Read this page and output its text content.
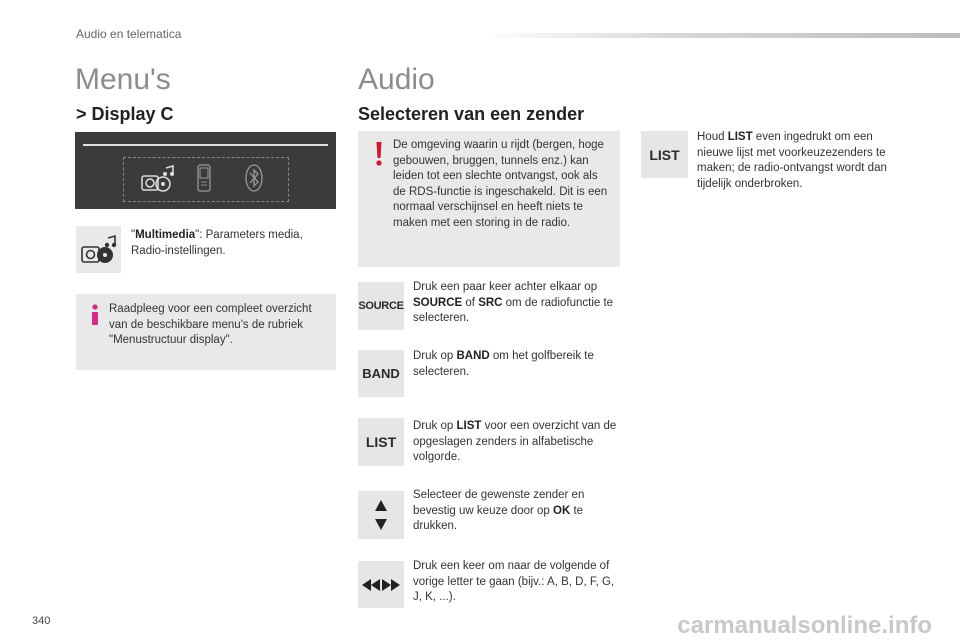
Audio en telematica
Menu's
> Display C
"Multimedia": Parameters media, Radio-instellingen.
Raadpleeg voor een compleet overzicht van de beschikbare menu's de rubriek "Menustructuur display".
Audio
Selecteren van een zender
De omgeving waarin u rijdt (bergen, hoge gebouwen, bruggen, tunnels enz.) kan leiden tot een slechte ontvangst, ook als de RDS-functie is ingeschakeld. Dit is een normaal verschijnsel en heeft niets te maken met een storing in de radio.
SOURCE
Druk een paar keer achter elkaar op SOURCE of SRC om de radiofunctie te selecteren.
BAND
Druk op BAND om het golfbereik te selecteren.
LIST
Druk op LIST voor een overzicht van de opgeslagen zenders in alfabetische volgorde.
Selecteer de gewenste zender en bevestig uw keuze door op OK te drukken.
Druk een keer om naar de volgende of vorige letter te gaan (bijv.: A, B, D, F, G, J, K, ...).
LIST
Houd LIST even ingedrukt om een nieuwe lijst met voorkeuzezenders te maken; de radio-ontvangst wordt dan tijdelijk onderbroken.
340	carmanualsonline.info
